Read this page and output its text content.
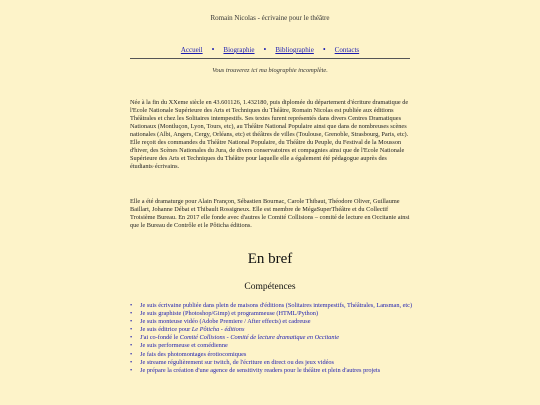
Romain Nicolas - écrivaine pour le théâtre
Accueil • Biographie • Bibliographie • Contacts
Vous trouverez ici ma biographie incomplète.
Née à la fin du XXeme siècle en 43.601126, 1.432180, puis diplomée du département d'écriture dramatique de l'Ecole Nationale Supérieure des Arts et Techniques du Théâtre, Romain Nicolas est publiée aux éditions Théâtrales et chez les Solitaires intempestifs. Ses textes furent représentés dans divers Centres Dramatiques Nationaux (Montluçon, Lyon, Tours, etc), au Théâtre National Populaire ainsi que dans de nombreuses scènes nationales (Albi, Angers, Cergy, Orléans, etc) et théâtres de villes (Toulouse, Grenoble, Strasbourg, Paris, etc). Elle reçoit des commandes du Théâtre National Populaire, du Théâtre du Peuple, du Festival de la Mousson d'hiver, des Scènes Nationales du Jura, de divers conservatoires et compagnies ainsi que de l'Ecole Nationale Supérieure des Arts et Techniques du Théâtre pour laquelle elle a également été pédagogue auprès des étudiants·écrivains.
Elle a été dramaturge pour Alain Françon, Sébastien Bournac, Carole Thibaut, Théodore Oliver, Guillaume Baillart, Johanne Débat et Thibault Rossigneux. Elle est membre de MégaSuperThéâtre et du Collectif Troisième Bureau. En 2017 elle fonde avec d'autres le Comité Collisions – comité de lecture en Occitanie ainsi que le Bureau de Contrôle et le Pôticha éditions.
En bref
Compétences
• Je suis écrivaine publiée dans plein de maisons d'éditions (Solitaires intempestifs, Théâtrales, Lansman, etc)
• Je suis graphiste (Photoshop/Gimp) et programmeuse (HTML/Python)
• Je suis monteuse vidéo (Adobe Premiere / After effects) et cadreuse
• Je suis éditrice pour Le Pôticha - éditions
• J'ai co-fondé le Comité Collisions - Comité de lecture dramatique en Occitanie
• Je suis performeuse et comédienne
• Je fais des photomontages érotiocomiques
• Je streame régulièrement sur twitch, de l'écriture en direct ou des jeux vidéos
• Je prépare la création d'une agence de sensitivity readers pour le théâtre et plein d'autres projets
